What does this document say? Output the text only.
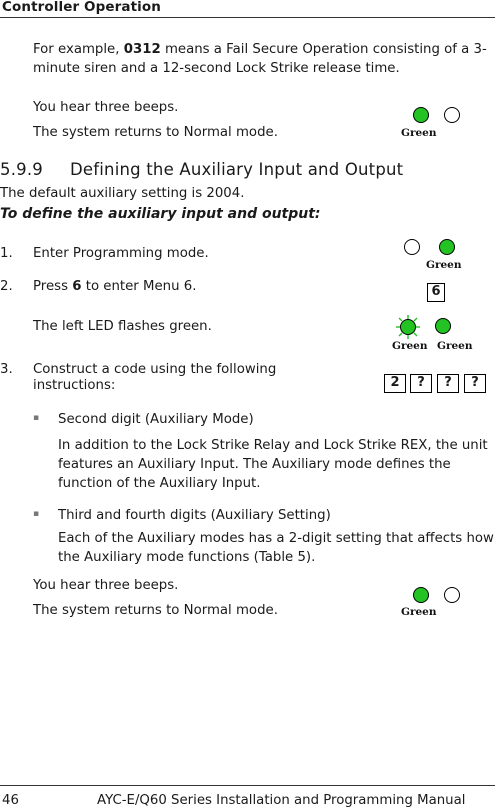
Controller Operation
For example, 0312 means a Fail Secure Operation consisting of a 3-minute siren and a 12-second Lock Strike release time.
You hear three beeps.
The system returns to Normal mode.	Green
5.9.9 Defining the Auxiliary Input and Output
The default auxiliary setting is 2004.
To define the auxiliary input and output:
1.	Enter Programming mode.
Green
2.	Press 6 to enter Menu 6.	6
The left LED flashes green.
Green Green
3.	Construct a code using the following
instructions:	2	?	?	?
▪ Second digit (Auxiliary Mode)
In addition to the Lock Strike Relay and Lock Strike REX, the unit features an Auxiliary Input. The Auxiliary mode defines the function of the Auxiliary Input.
▪ Third and fourth digits (Auxiliary Setting)
Each of the Auxiliary modes has a 2-digit setting that affects how the Auxiliary mode functions (Table 5).
You hear three beeps.
The system returns to Normal mode.	Green
46	AYC-E/Q60 Series Installation and Programming Manual
